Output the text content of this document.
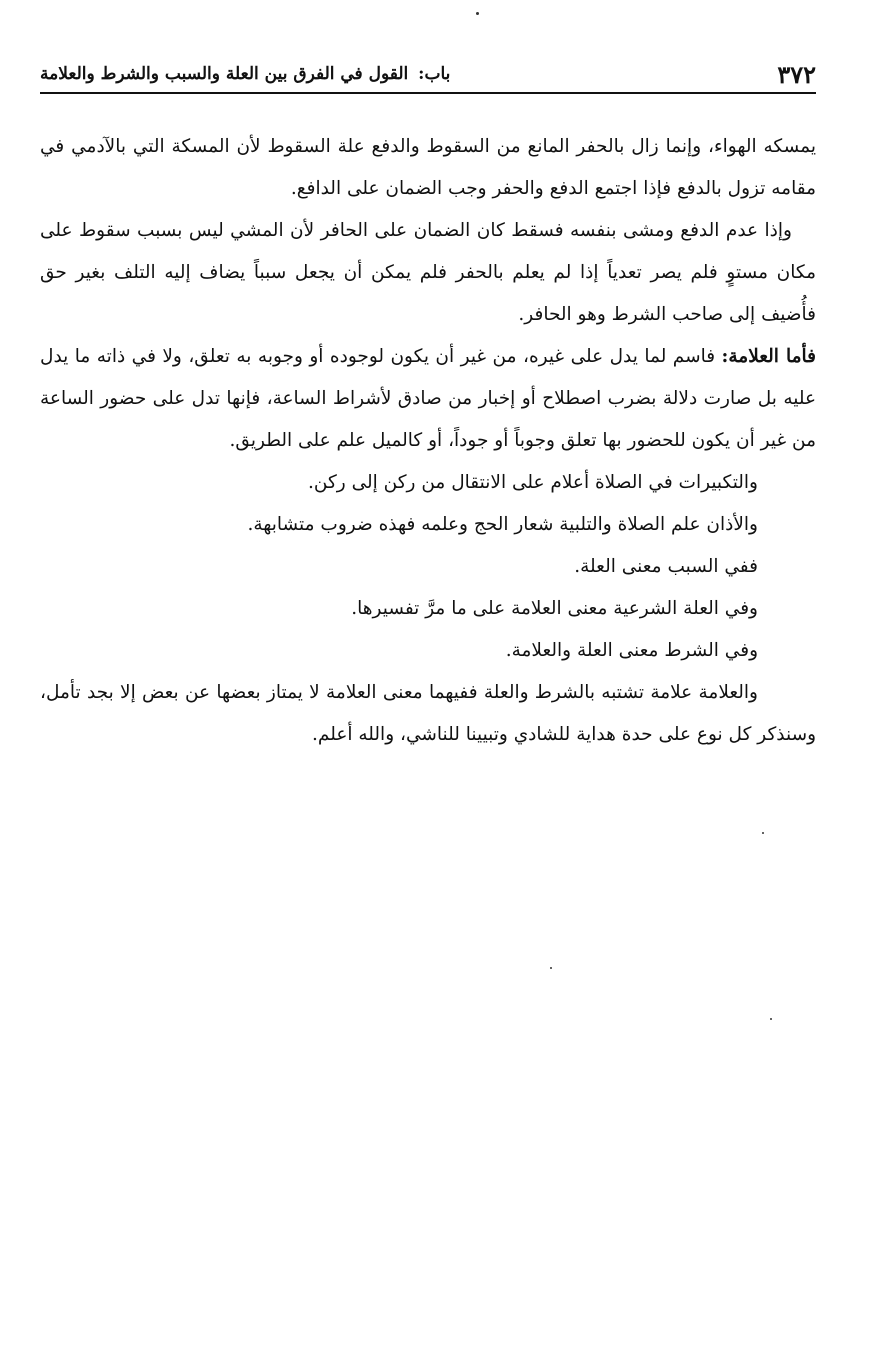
٣٧٢
باب: القول في الفرق بين العلة والسبب والشرط والعلامة

يمسكه الهواء، وإنما زال بالحفر المانع من السقوط والدفع علة السقوط لأن المسكة التي بالآدمي في مقامه تزول بالدفع فإذا اجتمع الدفع والحفر وجب الضمان على الدافع.

وإذا عدم الدفع ومشى بنفسه فسقط كان الضمان على الحافر لأن المشي ليس بسبب سقوط على مكان مستوٍ فلم يصر تعدياً إذا لم يعلم بالحفر فلم يمكن أن يجعل سبباً يضاف إليه التلف بغير حق فأُضيف إلى صاحب الشرط وهو الحافر.

فأما العلامة: فاسم لما يدل على غيره، من غير أن يكون لوجوده أو وجوبه به تعلق، ولا في ذاته ما يدل عليه بل صارت دلالة بضرب اصطلاح أو إخبار من صادق لأشراط الساعة، فإنها تدل على حضور الساعة من غير أن يكون للحضور بها تعلق وجوباً أو جوداً، أو كالميل علم على الطريق.

والتكبيرات في الصلاة أعلام على الانتقال من ركن إلى ركن.

والأذان علم الصلاة والتلبية شعار الحج وعلمه فهذه ضروب متشابهة.

ففي السبب معنى العلة.

وفي العلة الشرعية معنى العلامة على ما مرَّ تفسيرها.

وفي الشرط معنى العلة والعلامة.

والعلامة علامة تشتبه بالشرط والعلة ففيهما معنى العلامة لا يمتاز بعضها عن بعض إلا بجد تأمل، وسنذكر كل نوع على حدة هداية للشادي وتبيينا للناشي، والله أعلم.
